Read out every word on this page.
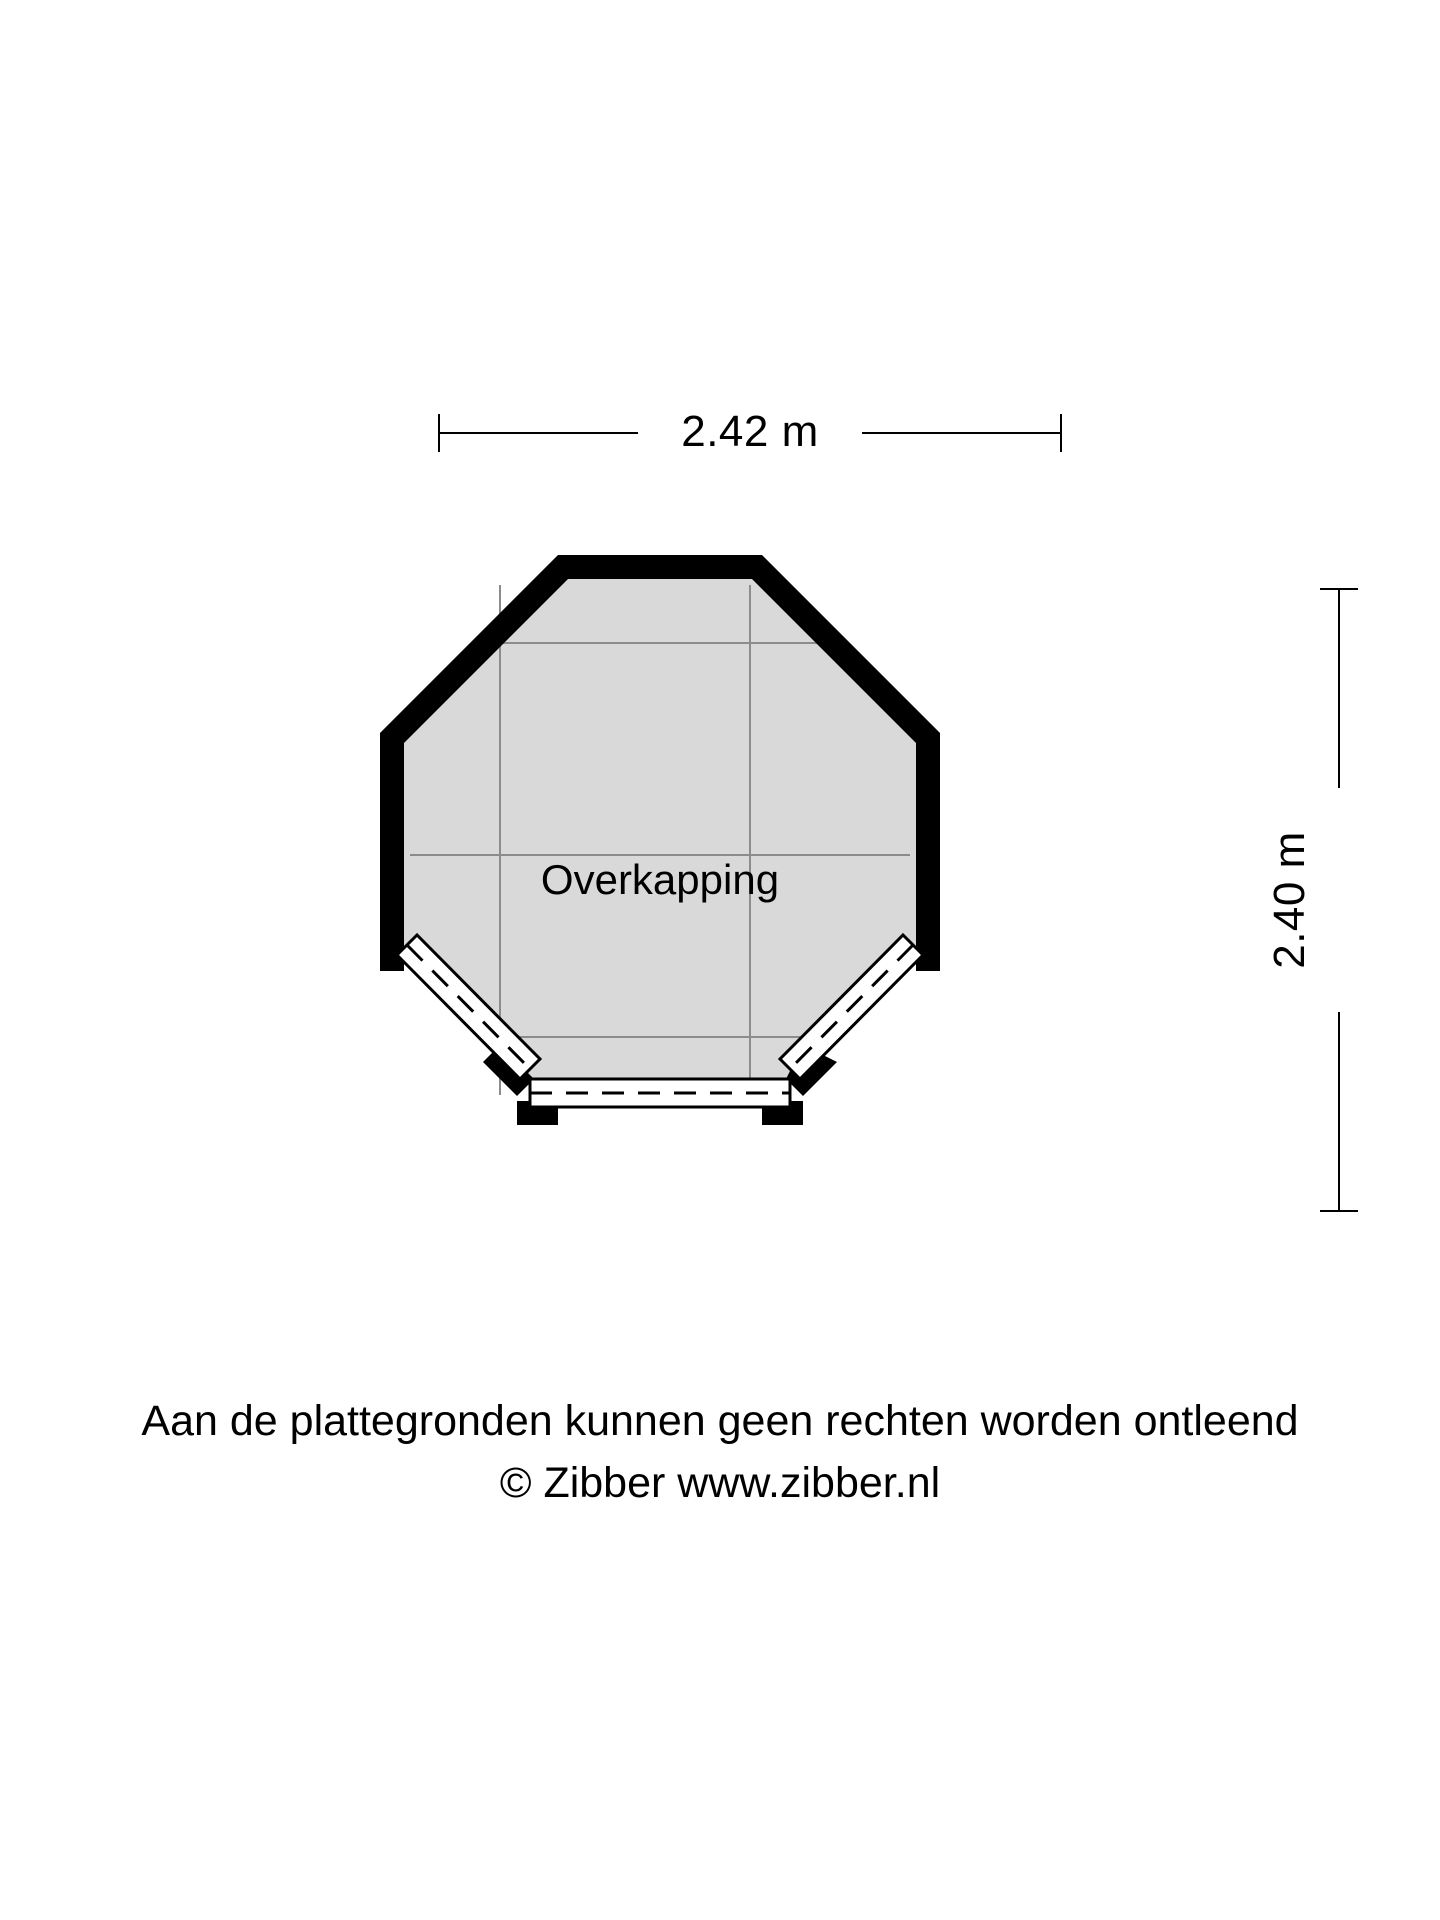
2.42 m
2.40 m
Overkapping
Aan de plattegronden kunnen geen rechten worden ontleend
© Zibber www.zibber.nl
